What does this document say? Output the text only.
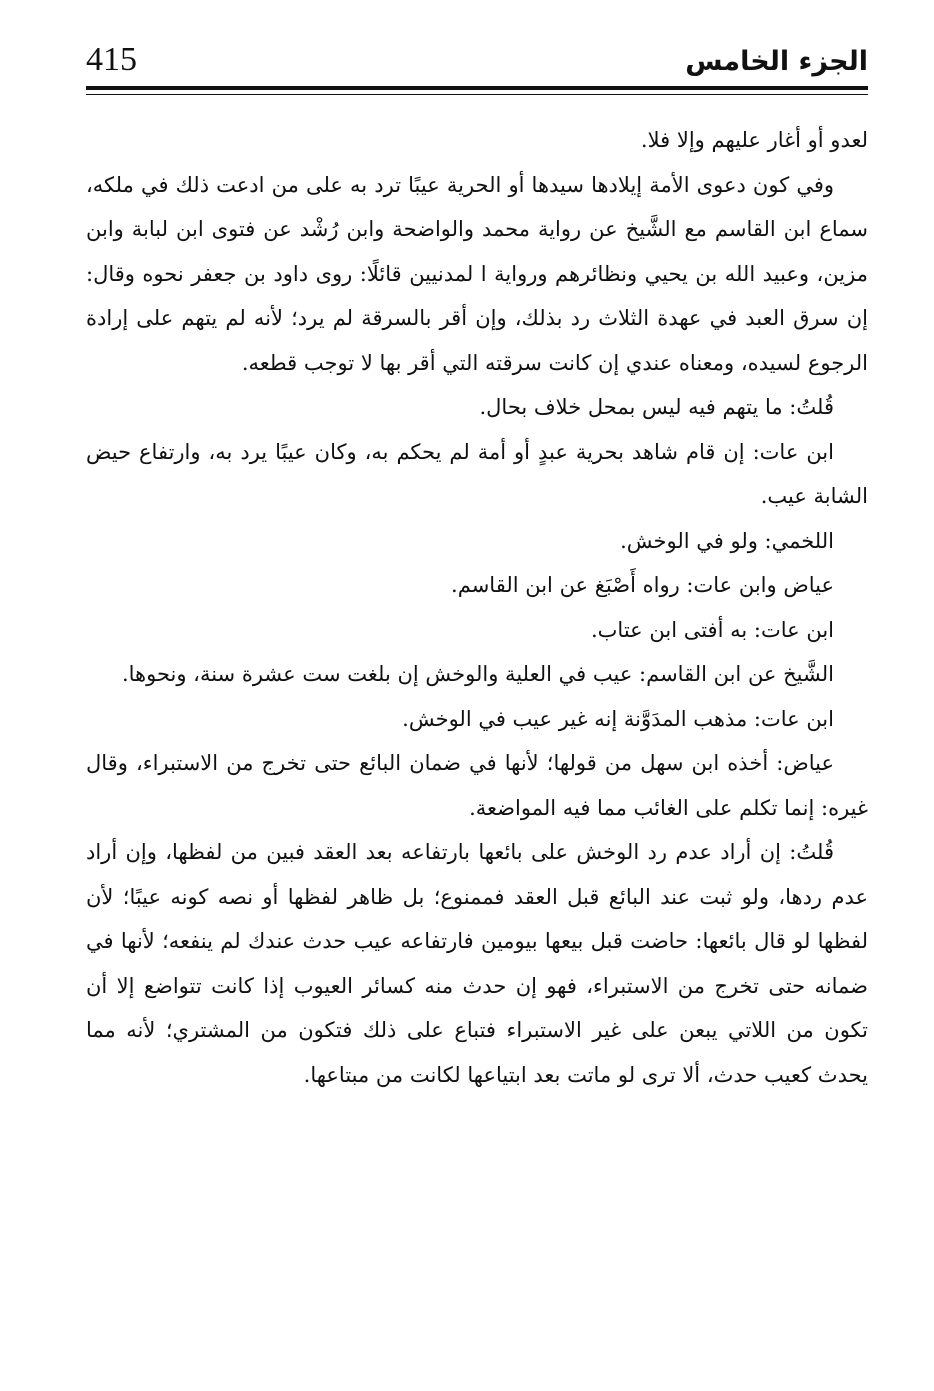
415	الجزء الخامس

لعدو أو أغار عليهم وإلا فلا.

وفي كون دعوى الأمة إيلادها سيدها أو الحرية عيبًا ترد به على من ادعت ذلك في ملكه، سماع ابن القاسم مع الشَّيخ عن رواية محمد والواضحة وابن رُشْد عن فتوى ابن لبابة وابن مزين، وعبيد الله بن يحيي ونظائرهم ورواية ا لمدنيين قائلًا: روى داود بن جعفر نحوه وقال: إن سرق العبد في عهدة الثلاث رد بذلك، وإن أقر بالسرقة لم يرد؛ لأنه لم يتهم على إرادة الرجوع لسيده، ومعناه عندي إن كانت سرقته التي أقر بها لا توجب قطعه.

قُلتُ: ما يتهم فيه ليس بمحل خلاف بحال.

ابن عات: إن قام شاهد بحرية عبدٍ أو أمة لم يحكم به، وكان عيبًا يرد به، وارتفاع حيض الشابة عيب.

اللخمي: ولو في الوخش.

عياض وابن عات: رواه أَصْبَغ عن ابن القاسم.

ابن عات: به أفتى ابن عتاب.

الشَّيخ عن ابن القاسم: عيب في العلية والوخش إن بلغت ست عشرة سنة، ونحوها.

ابن عات: مذهب المدَوَّنة إنه غير عيب في الوخش.

عياض: أخذه ابن سهل من قولها؛ لأنها في ضمان البائع حتى تخرج من الاستبراء، وقال غيره: إنما تكلم على الغائب مما فيه المواضعة.

قُلتُ: إن أراد عدم رد الوخش على بائعها بارتفاعه بعد العقد فبين من لفظها، وإن أراد عدم ردها، ولو ثبت عند البائع قبل العقد فممنوع؛ بل ظاهر لفظها أو نصه كونه عيبًا؛ لأن لفظها لو قال بائعها: حاضت قبل بيعها بيومين فارتفاعه عيب حدث عندك لم ينفعه؛ لأنها في ضمانه حتى تخرج من الاستبراء، فهو إن حدث منه كسائر العيوب إذا كانت تتواضع إلا أن تكون من اللاتي يبعن على غير الاستبراء فتباع على ذلك فتكون من المشتري؛ لأنه مما يحدث كعيب حدث، ألا ترى لو ماتت بعد ابتياعها لكانت من مبتاعها.
